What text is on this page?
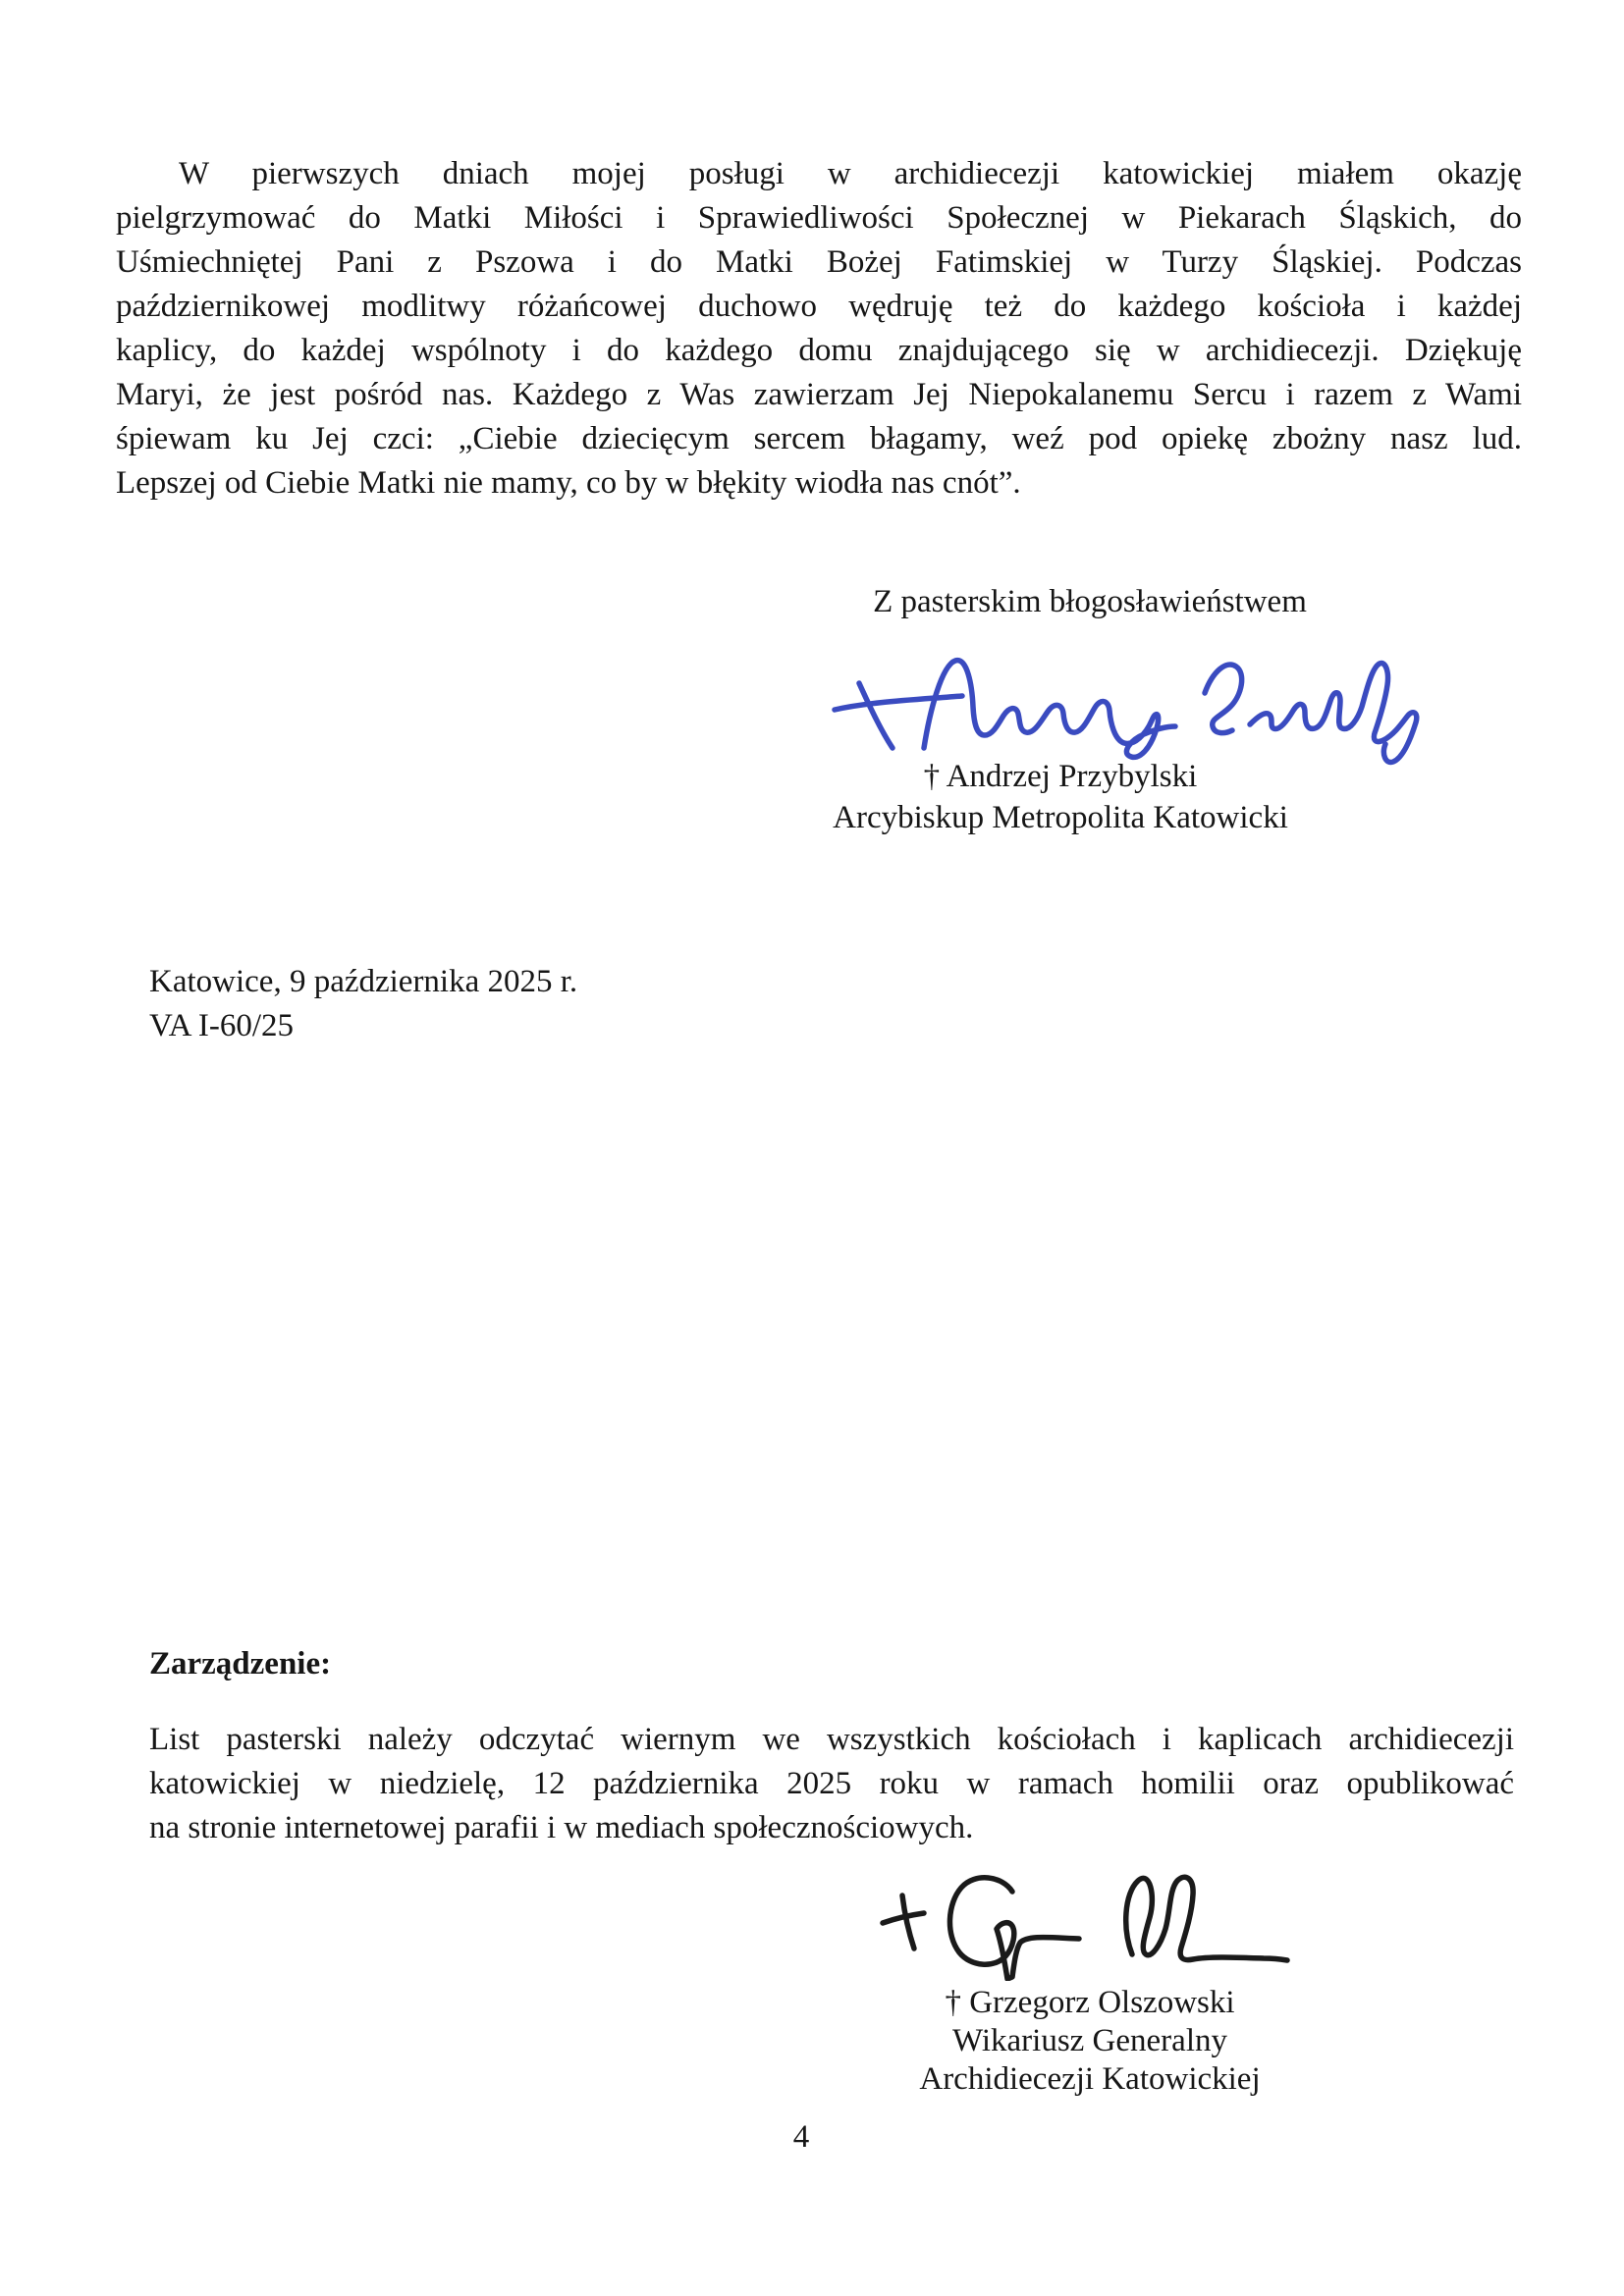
W pierwszych dniach mojej posługi w archidiecezji katowickiej miałem okazję
pielgrzymować do Matki Miłości i Sprawiedliwości Społecznej w Piekarach Śląskich, do
Uśmiechniętej Pani z Pszowa i do Matki Bożej Fatimskiej w Turzy Śląskiej. Podczas
październikowej modlitwy różańcowej duchowo wędruję też do każdego kościoła i każdej
kaplicy, do każdej wspólnoty i do każdego domu znajdującego się w archidiecezji. Dziękuję
Maryi, że jest pośród nas. Każdego z Was zawierzam Jej Niepokalanemu Sercu i razem z Wami
śpiewam ku Jej czci: „Ciebie dziecięcym sercem błagamy, weź pod opiekę zbożny nasz lud.
Lepszej od Ciebie Matki nie mamy, co by w błękity wiodła nas cnót”.
Z pasterskim błogosławieństwem
† Andrzej Przybylski
Arcybiskup Metropolita Katowicki
Katowice, 9 października 2025 r.
VA I-60/25
Zarządzenie:
List pasterski należy odczytać wiernym we wszystkich kościołach i kaplicach archidiecezji
katowickiej w niedzielę, 12 października 2025 roku w ramach homilii oraz opublikować
na stronie internetowej parafii i w mediach społecznościowych.
† Grzegorz Olszowski
Wikariusz Generalny
Archidiecezji Katowickiej
4
